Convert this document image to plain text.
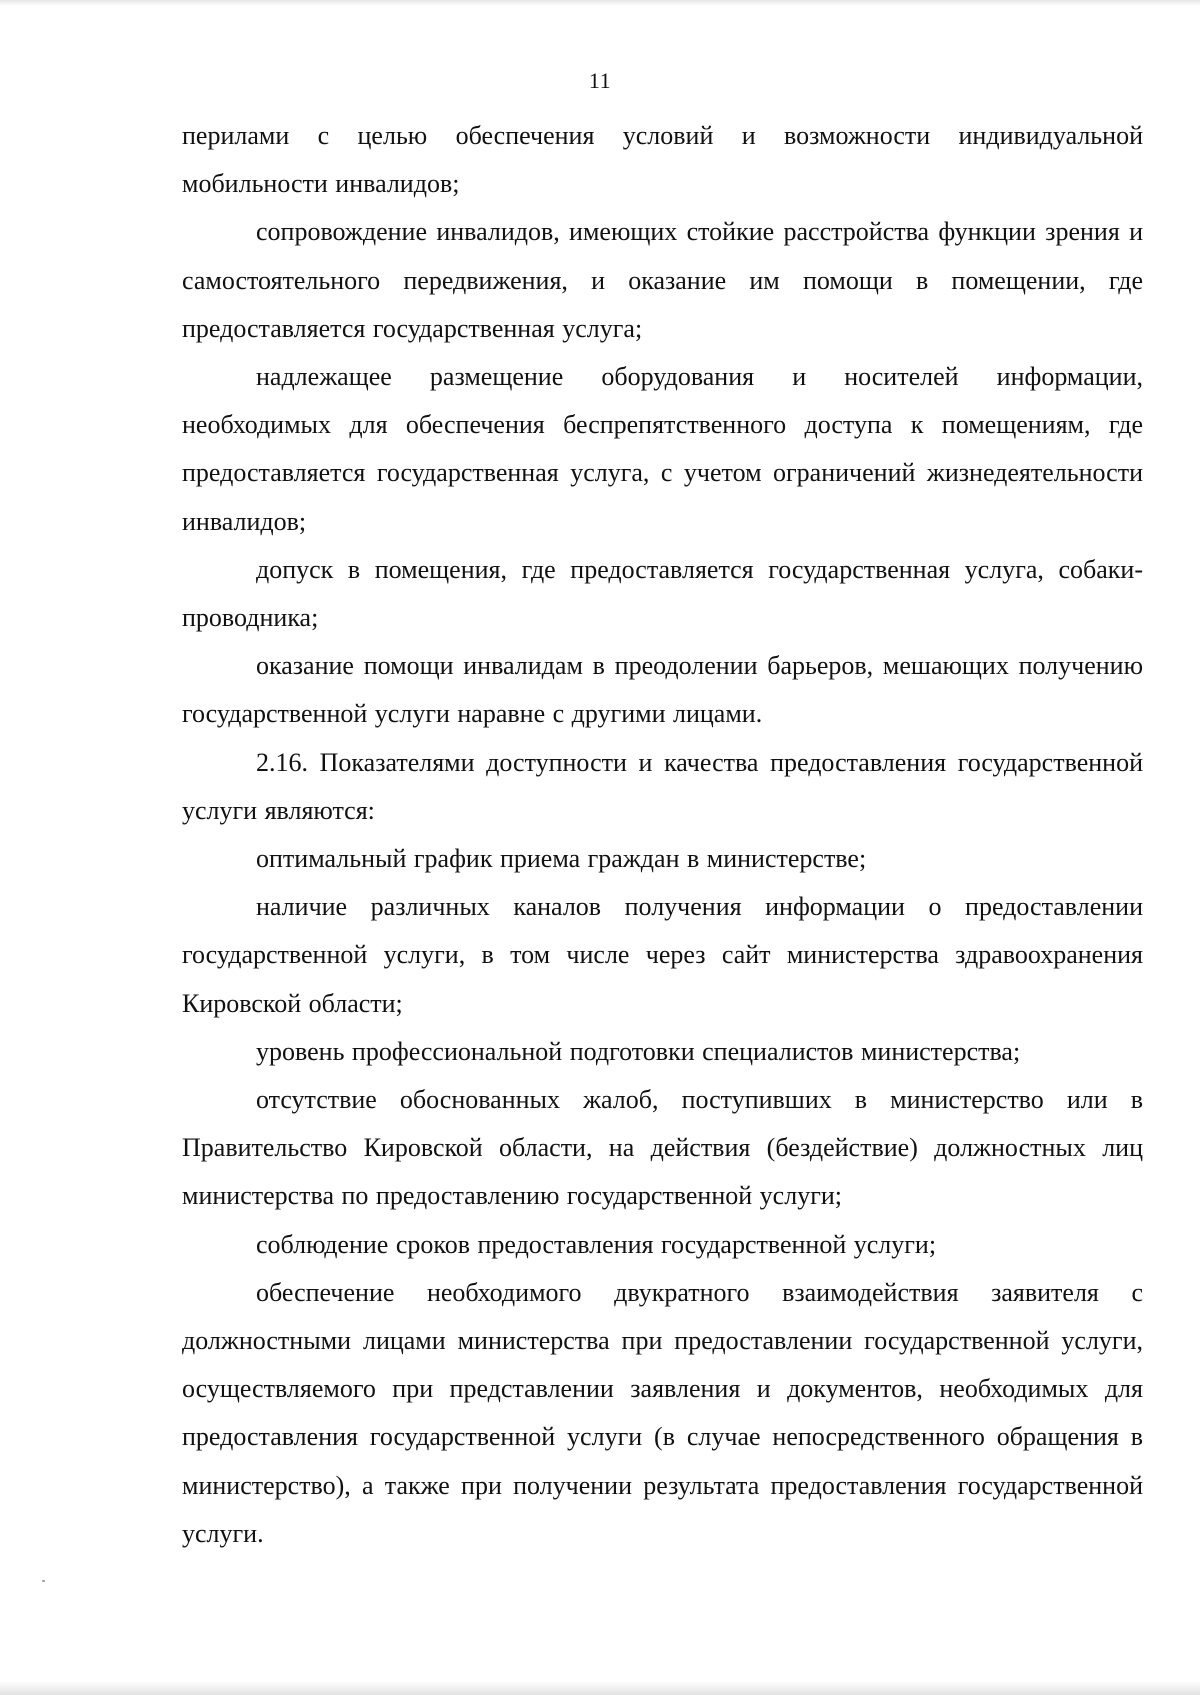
11

перилами с целью обеспечения условий и возможности индивидуальной мобильности инвалидов;

сопровождение инвалидов, имеющих стойкие расстройства функции зрения и самостоятельного передвижения, и оказание им помощи в помещении, где предоставляется государственная услуга;

надлежащее размещение оборудования и носителей информации, необходимых для обеспечения беспрепятственного доступа к помещениям, где предоставляется государственная услуга, с учетом ограничений жизнедеятельности инвалидов;

допуск в помещения, где предоставляется государственная услуга, собаки-проводника;

оказание помощи инвалидам в преодолении барьеров, мешающих получению государственной услуги наравне с другими лицами.

2.16. Показателями доступности и качества предоставления государственной услуги являются:

оптимальный график приема граждан в министерстве;

наличие различных каналов получения информации о предоставлении государственной услуги, в том числе через сайт министерства здравоохранения Кировской области;

уровень профессиональной подготовки специалистов министерства;

отсутствие обоснованных жалоб, поступивших в министерство или в Правительство Кировской области, на действия (бездействие) должностных лиц министерства по предоставлению государственной услуги;

соблюдение сроков предоставления государственной услуги;

обеспечение необходимого двукратного взаимодействия заявителя с должностными лицами министерства при предоставлении государственной услуги, осуществляемого при представлении заявления и документов, необходимых для предоставления государственной услуги (в случае непосредственного обращения в министерство), а также при получении результата предоставления государственной услуги.
